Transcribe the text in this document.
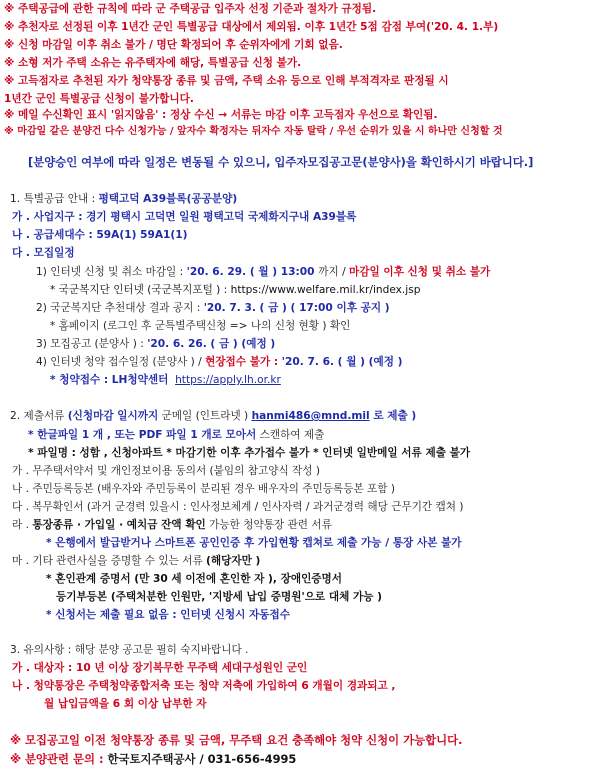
※ 주택공급에 관한 규칙에 따라 군 주택공급 입주자 선정 기준과 절차가 규정됨.
※ 추천자로 선정된 이후 1년간 군인 특별공급 대상에서 제외됨. 이후 1년간 5점 감점 부여('20. 4. 1.부)
※ 신청 마감일 이후 취소 불가 / 명단 확정되어 후 순위자에게 기회 없음.
※ 소형 저가 주택 소유는 유주택자에 해당, 특별공급 신청 불가.
※ 고득점자로 추천된 자가 청약통장 종류 및 금액, 주택 소유 등으로 인해 부적격자로 판정될 시
1년간 군인 특별공급 신청이 불가합니다.
※ 메일 수신확인 표시 '읽지않음' : 정상 수신 → 서류는 마감 이후 고득점자 우선으로 확인됨.
※ 마감일 같은 분양건 다수 신청가능 / 앞자수 확정자는 뒤자수 자동 탈락 / 우선 순위가 있을 시 하나만 신청할 것
[분양승인 여부에 따라 일정은 변동될 수 있으니, 입주자모집공고문(분양사)을 확인하시기 바랍니다.]
1. 특별공급 안내 : 평택고덕 A39블록(공공분양)
가 . 사업지구 : 경기 평택시 고덕면 일원 평택고덕 국제화지구내 A39블록
나 . 공급세대수 : 59A(1) 59A1(1)
다 . 모집일정
1) 인터넷 신청 및 취소 마감일 : '20. 6. 29. ( 월 ) 13:00 까지 / 마감일 이후 신청 및 취소 불가
* 국군복지단 인터넷 (국군복지포털 ) : https://www.welfare.mil.kr/index.jsp
2) 국군복지단 추천대상 결과 공지 : '20. 7. 3. ( 금 ) ( 17:00 이후 공지 )
* 홈페이지 (로그인 후 군특별주택신청 => 나의 신청 현황 ) 확인
3) 모집공고 (분양사 ) : '20. 6. 26. ( 금 ) (예정 )
4) 인터넷 청약 접수일정 (분양사 ) / 현장접수 불가 : '20. 7. 6. ( 월 ) (예정 )
* 청약접수 : LH청약센터 https://apply.lh.or.kr
2. 제출서류 (신청마감 일시까지 군메일 (인트라넷 ) hanmi486@mnd.mil 로 제출 )
* 한글파일 1 개 , 또는 PDF 파일 1 개로 모아서 스캔하여 제출
* 파일명 : 성함 , 신청아파트 * 마감기한 이후 추가접수 불가 * 인터넷 일반메일 서류 제출 불가
가 . 무주택서약서 및 개인정보이용 동의서 (붙임의 참고양식 작성 )
나 . 주민등록등본 (배우자와 주민등록이 분리된 경우 배우자의 주민등록등본 포함 )
다 . 복무확인서 (과거 군경력 있을시 : 인사정보체계 / 인사자력 / 과거군경력 해당 근무기간 캡쳐 )
라 . 통장종류 · 가입일 · 예치금 잔액 확인 가능한 청약통장 관련 서류
* 은행에서 발급받거나 스마트폰 공인인증 후 가입현황 캡쳐로 제출 가능 / 통장 사본 불가
마 . 기타 관련사실을 증명할 수 있는 서류 (해당자만 )
* 혼인관계 증명서 (만 30 세 이전에 혼인한 자 ), 장애인증명서
등기부등본 (주택처분한 인원만, '지방세 납입 증명원'으로 대체 가능 )
* 신청서는 제출 필요 없음 : 인터넷 신청시 자동접수
3. 유의사항 : 해당 분양 공고문 필히 숙지바랍니다 .
가 . 대상자 : 10 년 이상 장기복무한 무주택 세대구성원인 군인
나 . 청약통장은 주택청약종합저축 또는 청약 저축에 가입하여 6 개월이 경과되고 ,
월 납입금액을 6 회 이상 납부한 자
※ 모집공고일 이전 청약통장 종류 및 금액, 무주택 요건 충족해야 청약 신청이 가능합니다.
※ 분양관련 문의 : 한국토지주택공사 / 031-656-4995
